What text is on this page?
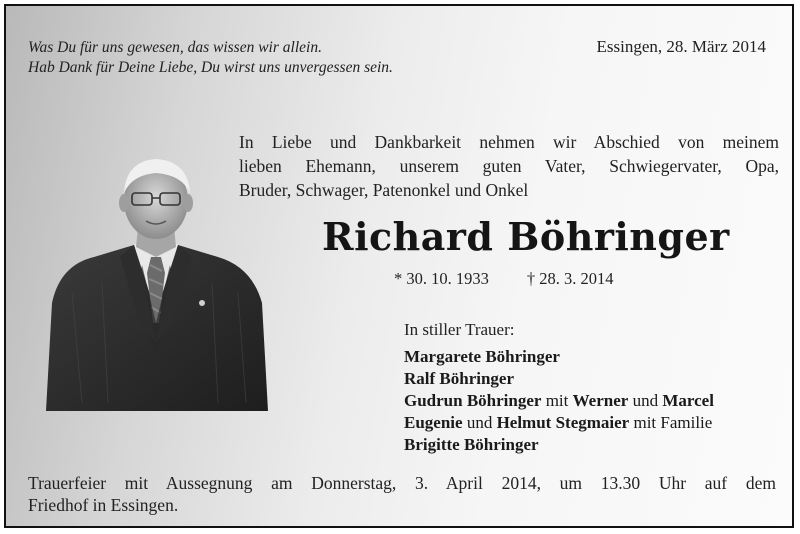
Was Du für uns gewesen, das wissen wir allein.
Hab Dank für Deine Liebe, Du wirst uns unvergessen sein.
Essingen, 28. März 2014
In Liebe und Dankbarkeit nehmen wir Abschied von meinem
lieben Ehemann, unserem guten Vater, Schwiegervater, Opa,
Bruder, Schwager, Patenonkel und Onkel
Richard Böhringer
* 30. 10. 1933 † 28. 3. 2014
In stiller Trauer:
Margarete Böhringer
Ralf Böhringer
Gudrun Böhringer mit Werner und Marcel
Eugenie und Helmut Stegmaier mit Familie
Brigitte Böhringer
Trauerfeier mit Aussegnung am Donnerstag, 3. April 2014, um 13.30 Uhr auf dem
Friedhof in Essingen.
